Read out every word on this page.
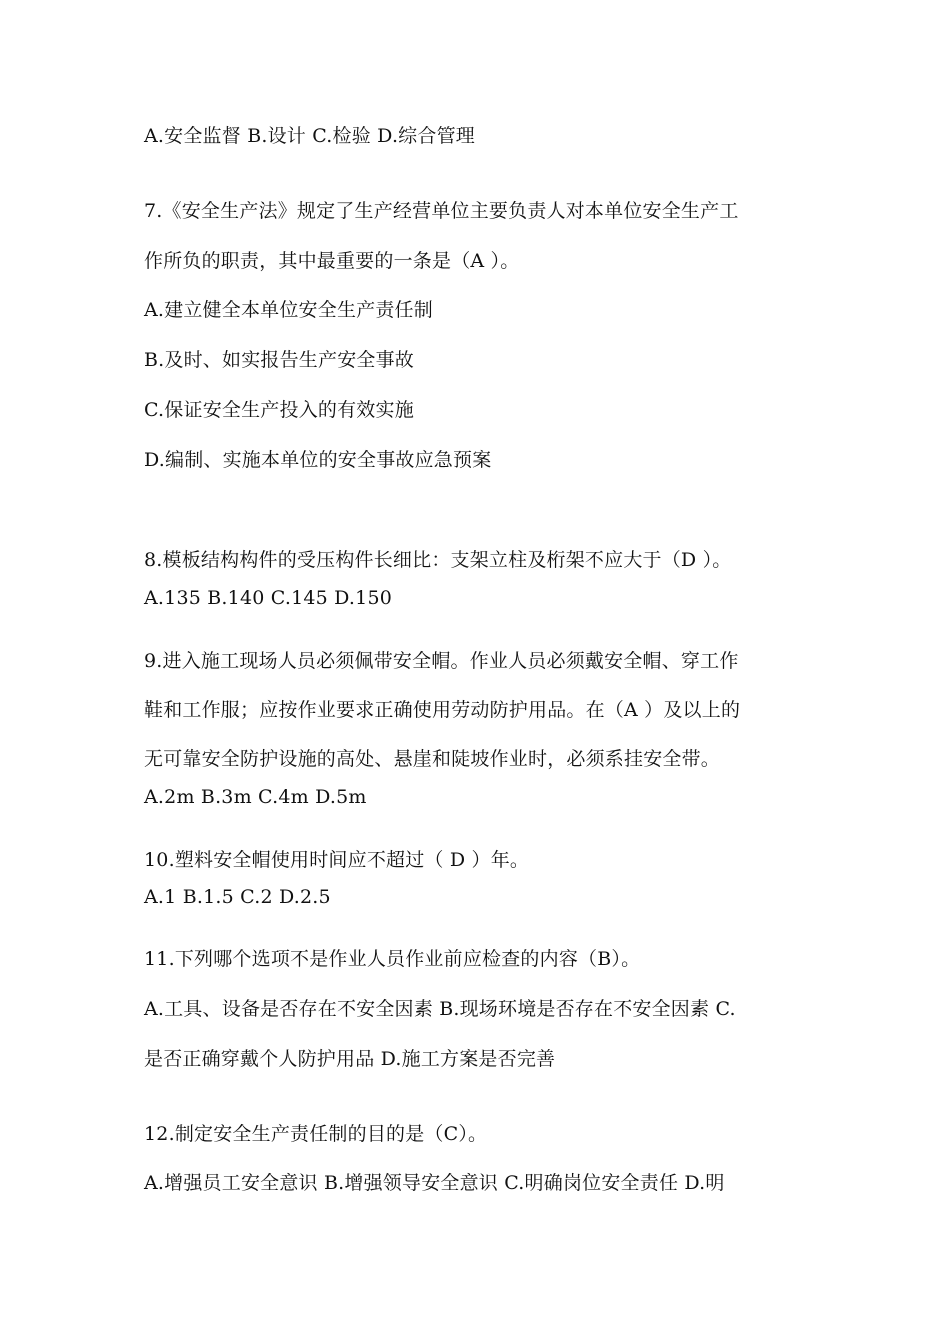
A.安全监督 B.设计 C.检验 D.综合管理
7.《安全生产法》规定了生产经营单位主要负责人对本单位安全生产工
作所负的职责，其中最重要的一条是（A ）。
A.建立健全本单位安全生产责任制
B.及时、如实报告生产安全事故
C.保证安全生产投入的有效实施
D.编制、实施本单位的安全事故应急预案
8.模板结构构件的受压构件长细比：支架立柱及桁架不应大于（D ）。
A.135 B.140 C.145 D.150
9.进入施工现场人员必须佩带安全帽。作业人员必须戴安全帽、穿工作
鞋和工作服；应按作业要求正确使用劳动防护用品。在（A ）及以上的
无可靠安全防护设施的高处、悬崖和陡坡作业时，必须系挂安全带。
A.2m B.3m C.4m D.5m
10.塑料安全帽使用时间应不超过（ D ）年。
A.1 B.1.5 C.2 D.2.5
11.下列哪个选项不是作业人员作业前应检查的内容（B）。
A.工具、设备是否存在不安全因素 B.现场环境是否存在不安全因素 C.
是否正确穿戴个人防护用品 D.施工方案是否完善
12.制定安全生产责任制的目的是（C）。
A.增强员工安全意识 B.增强领导安全意识 C.明确岗位安全责任 D.明
